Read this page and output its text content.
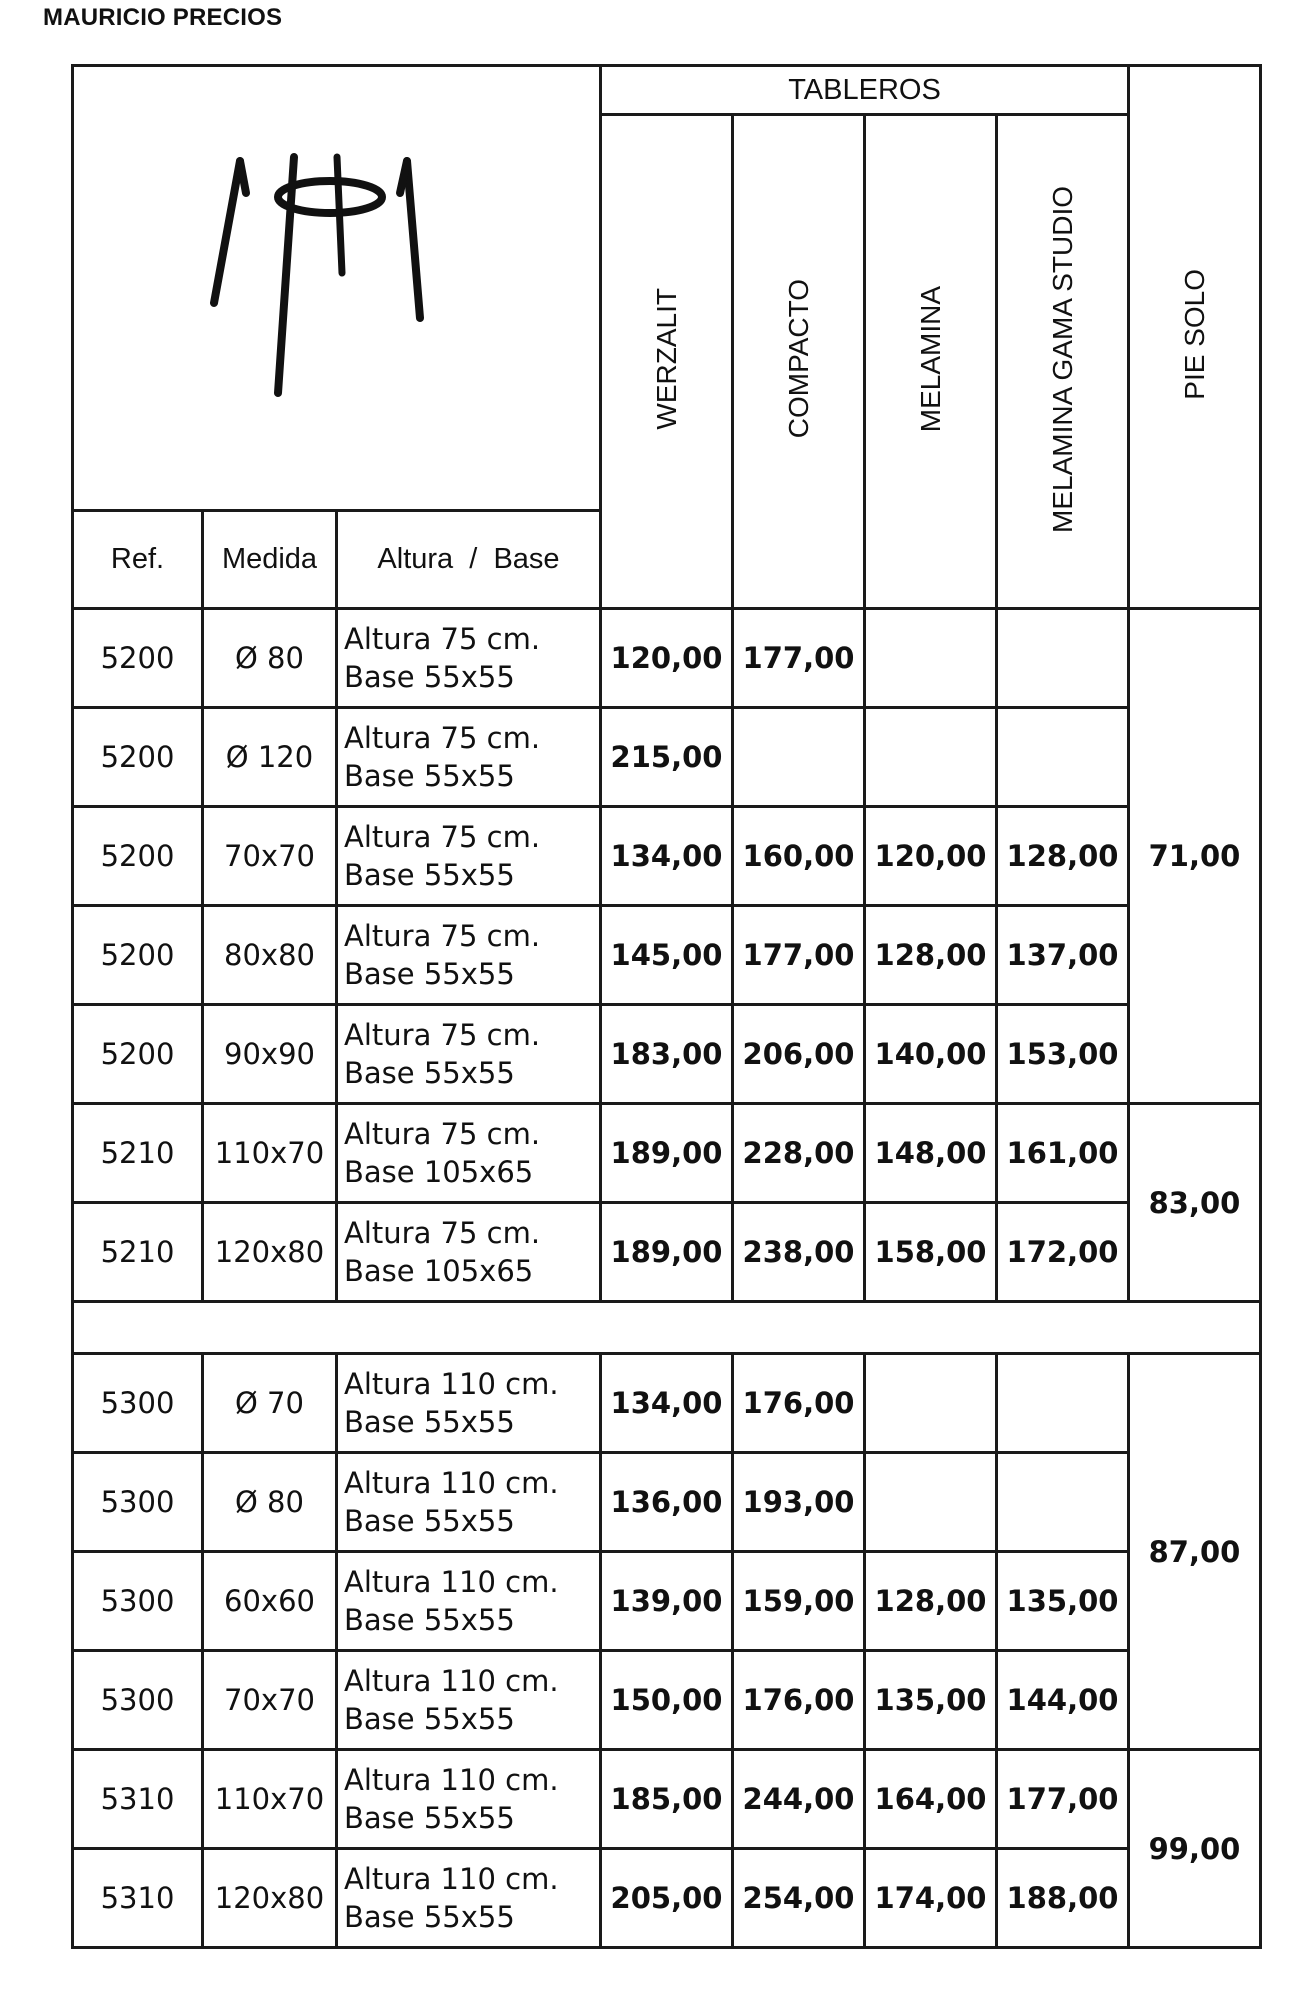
MAURICIO PRECIOS
	TABLEROS				PIE SOLO
			WERZALIT	COMPACTO	MELAMINA	MELAMINA GAMA STUDIO	
Ref.	Medida	Altura  /  Base					
5200	Ø 80	Altura 75 cm.
Base 55x55	120,00	177,00			71,00
5200	Ø 120	Altura 75 cm.
Base 55x55	215,00				
5200	70x70	Altura 75 cm.
Base 55x55	134,00	160,00	120,00	128,00	
5200	80x80	Altura 75 cm.
Base 55x55	145,00	177,00	128,00	137,00	
5200	90x90	Altura 75 cm.
Base 55x55	183,00	206,00	140,00	153,00	
5210	110x70	Altura 75 cm.
Base 105x65	189,00	228,00	148,00	161,00	83,00
5210	120x80	Altura 75 cm.
Base 105x65	189,00	238,00	158,00	172,00	

5300	Ø 70	Altura 110 cm.
Base 55x55	134,00	176,00			87,00
5300	Ø 80	Altura 110 cm.
Base 55x55	136,00	193,00			
5300	60x60	Altura 110 cm.
Base 55x55	139,00	159,00	128,00	135,00	
5300	70x70	Altura 110 cm.
Base 55x55	150,00	176,00	135,00	144,00	
5310	110x70	Altura 110 cm.
Base 55x55	185,00	244,00	164,00	177,00	99,00
5310	120x80	Altura 110 cm.
Base 55x55	205,00	254,00	174,00	188,00	
